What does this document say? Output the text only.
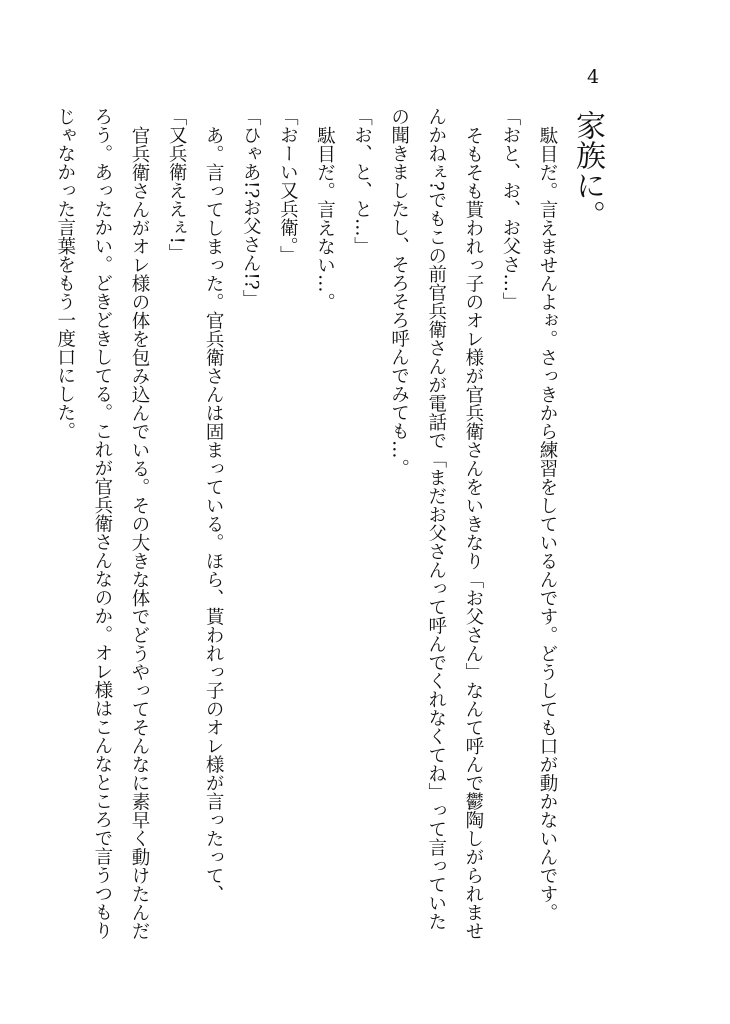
4
家族に。

駄目だ。言えませんよぉ。さっきから練習をしているんです。どうしても口が動かないんです。

「おと、お、お父さ…」

そもそも貰われっ子のオレ様が官兵衛さんをいきなり「お父さん」なんて呼んで鬱陶しがられませ

んかねぇ?でもこの前官兵衛さんが電話で「まだお父さんって呼んでくれなくてね」って言っていた

の聞きましたし、そろそろ呼んでみても…。

「お、と、と…」

駄目だ。言えない…。

「おーい又兵衛。」

「ひゃあ!?お父さん!?」

あ。言ってしまった。官兵衛さんは固まっている。ほら、貰われっ子のオレ様が言ったって、

「又兵衛ええぇ!」

官兵衛さんがオレ様の体を包み込んでいる。その大きな体でどうやってそんなに素早く動けたんだ

ろう。あったかい。どきどきしてる。これが官兵衛さんなのか。オレ様はこんなところで言うつもり

じゃなかった言葉をもう一度口にした。
